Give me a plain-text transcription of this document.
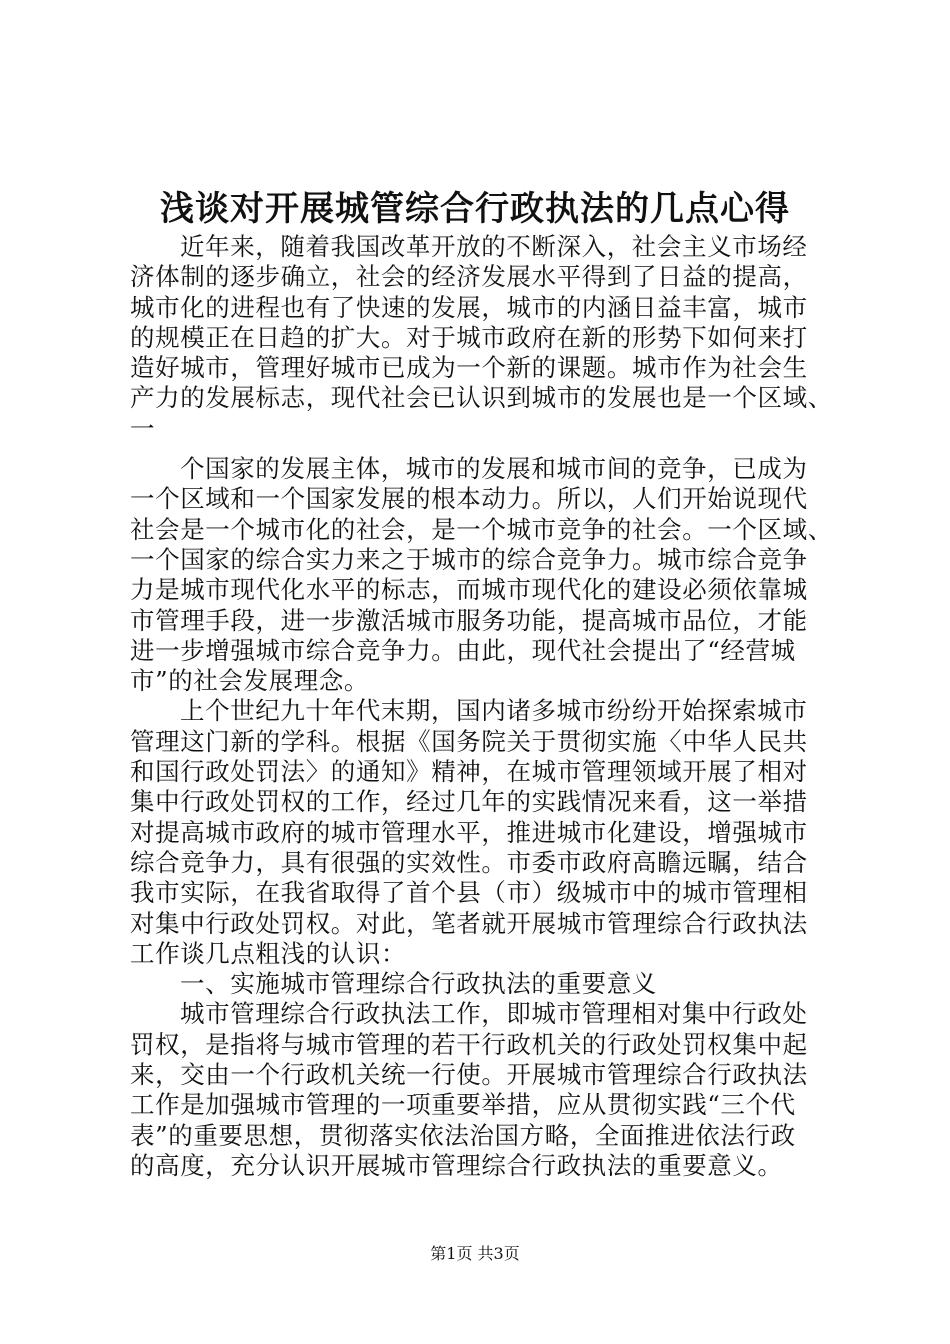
浅谈对开展城管综合行政执法的几点心得
近年来，随着我国改革开放的不断深入，社会主义市场经
济体制的逐步确立，社会的经济发展水平得到了日益的提高，
城市化的进程也有了快速的发展，城市的内涵日益丰富，城市
的规模正在日趋的扩大。对于城市政府在新的形势下如何来打
造好城市，管理好城市已成为一个新的课题。城市作为社会生
产力的发展标志，现代社会已认识到城市的发展也是一个区域、
一
个国家的发展主体，城市的发展和城市间的竞争，已成为
一个区域和一个国家发展的根本动力。所以，人们开始说现代
社会是一个城市化的社会，是一个城市竞争的社会。一个区域、
一个国家的综合实力来之于城市的综合竞争力。城市综合竞争
力是城市现代化水平的标志，而城市现代化的建设必须依靠城
市管理手段，进一步激活城市服务功能，提高城市品位，才能
进一步增强城市综合竞争力。由此，现代社会提出了“经营城
市”的社会发展理念。
上个世纪九十年代末期，国内诸多城市纷纷开始探索城市
管理这门新的学科。根据《国务院关于贯彻实施〈中华人民共
和国行政处罚法〉的通知》精神，在城市管理领域开展了相对
集中行政处罚权的工作，经过几年的实践情况来看，这一举措
对提高城市政府的城市管理水平，推进城市化建设，增强城市
综合竞争力，具有很强的实效性。市委市政府高瞻远瞩，结合
我市实际，在我省取得了首个县（市）级城市中的城市管理相
对集中行政处罚权。对此，笔者就开展城市管理综合行政执法
工作谈几点粗浅的认识：
一、实施城市管理综合行政执法的重要意义
城市管理综合行政执法工作，即城市管理相对集中行政处
罚权，是指将与城市管理的若干行政机关的行政处罚权集中起
来，交由一个行政机关统一行使。开展城市管理综合行政执法
工作是加强城市管理的一项重要举措，应从贯彻实践“三个代
表”的重要思想，贯彻落实依法治国方略，全面推进依法行政
的高度，充分认识开展城市管理综合行政执法的重要意义。
第1页 共3页
